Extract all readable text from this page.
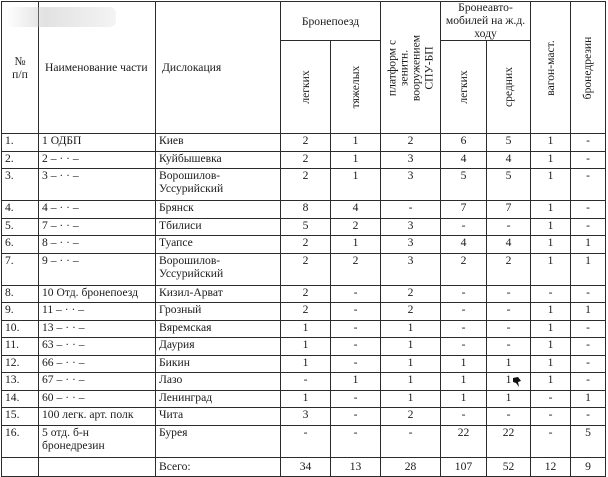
№ п/п	Наименование части	Дислокация	Бронепоезд		платформ с зенитн. вооружением СПУ-БП	Бронеавто-мобилей на ж.д. ходу		вагон-маст.	бронедрезин

			легких	тяжелых		легких	средних		

1.	1 ОДБП	Киев	2	1	2	6	5	1	-
2.	2 – · · –	Куйбышевка	2	1	3	4	4	1	-
3.	3 – · · –	Ворошилов-Уссурийский	2	1	3	5	5	1	-
4.	4 – · · –	Брянск	8	4	-	7	7	1	-
5.	7 – · · –	Тбилиси	5	2	3	-	-	1	-
6.	8 – · · –	Туапсе	2	1	3	4	4	1	1
7.	9 – · · –	Ворошилов-Уссурийский	2	2	3	2	2	1	1
8.	10 Отд. бронепоезд	Кизил-Арват	2	-	2	-	-	-	-
9.	11 – · · –	Грозный	2	-	2	-	-	1	1
10.	13 – · · –	Вяремская	1	-	1	-	-	1	-
11.	63 – · · –	Даурия	1	-	1	-	-	1	-
12.	66 – · · –	Бикин	1	-	1	1	1	1	-
13.	67 – · · –	Лазо	-	1	1	1	1	1	-
14.	60 – · · –	Ленинград	1	-	1	1	1	-	1
15.	100 легк. арт. полк	Чита	3	-	2	-	-	-	-
16.	5 отд. б-н бронедрезин	Бурея	-	-	-	22	22	-	5
		Всего:	34	13	28	107	52	12	9
